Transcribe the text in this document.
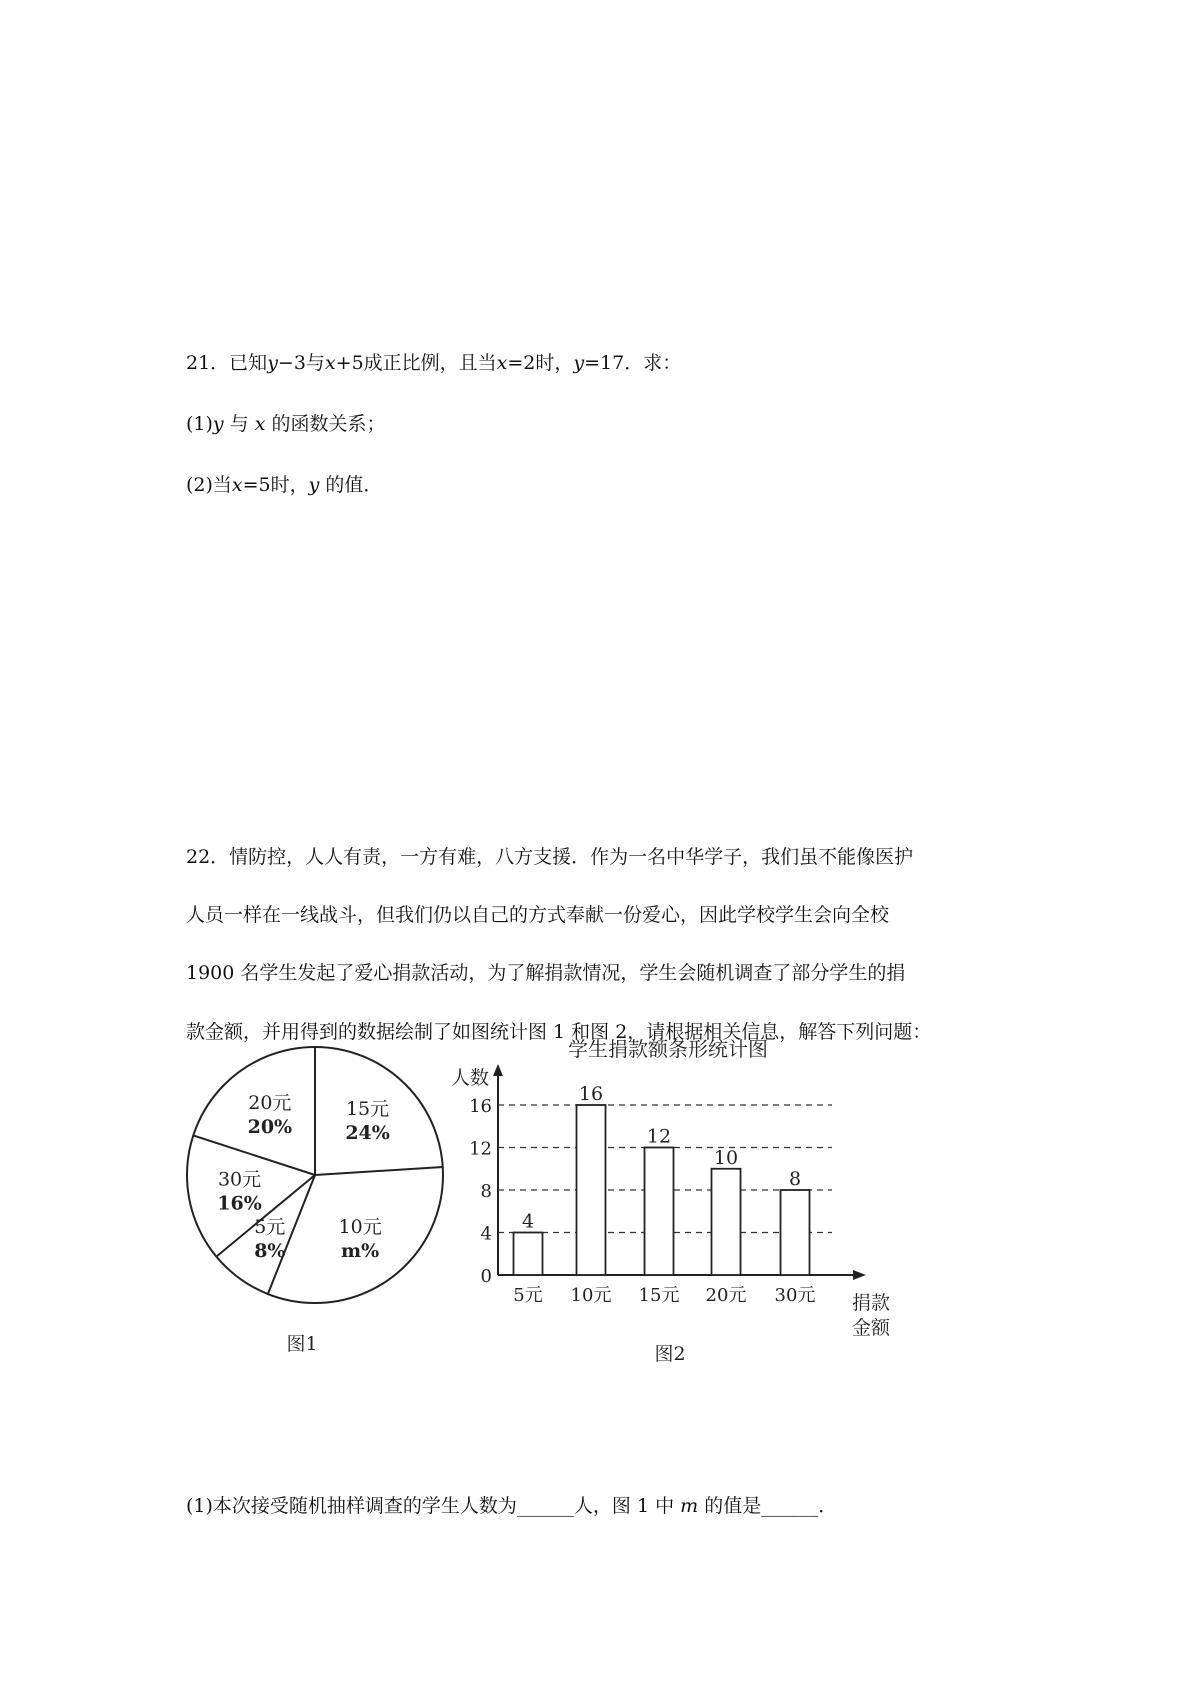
21．已知y−3与x+5成正比例，且当x=2时，y=17．求：
(1)y 与 x 的函数关系；
(2)当x=5时，y 的值．
22．情防控，人人有责，一方有难，八方支援．作为一名中华学子，我们虽不能像医护
人员一样在一线战斗，但我们仍以自己的方式奉献一份爱心，因此学校学生会向全校
1900 名学生发起了爱心捐款活动，为了解捐款情况，学生会随机调查了部分学生的捐
款金额，并用得到的数据绘制了如图统计图 1 和图 2，请根据相关信息，解答下列问题：
15元
24%
10元
m%
5元
8%
30元
16%
20元
20%
图1
学生捐款额条形统计图
0
4
8
12
16
人数
捐款
金额
4
5元
16
10元
12
15元
10
20元
8
30元
图2
(1)本次接受随机抽样调查的学生人数为______人，图 1 中 m 的值是______．
